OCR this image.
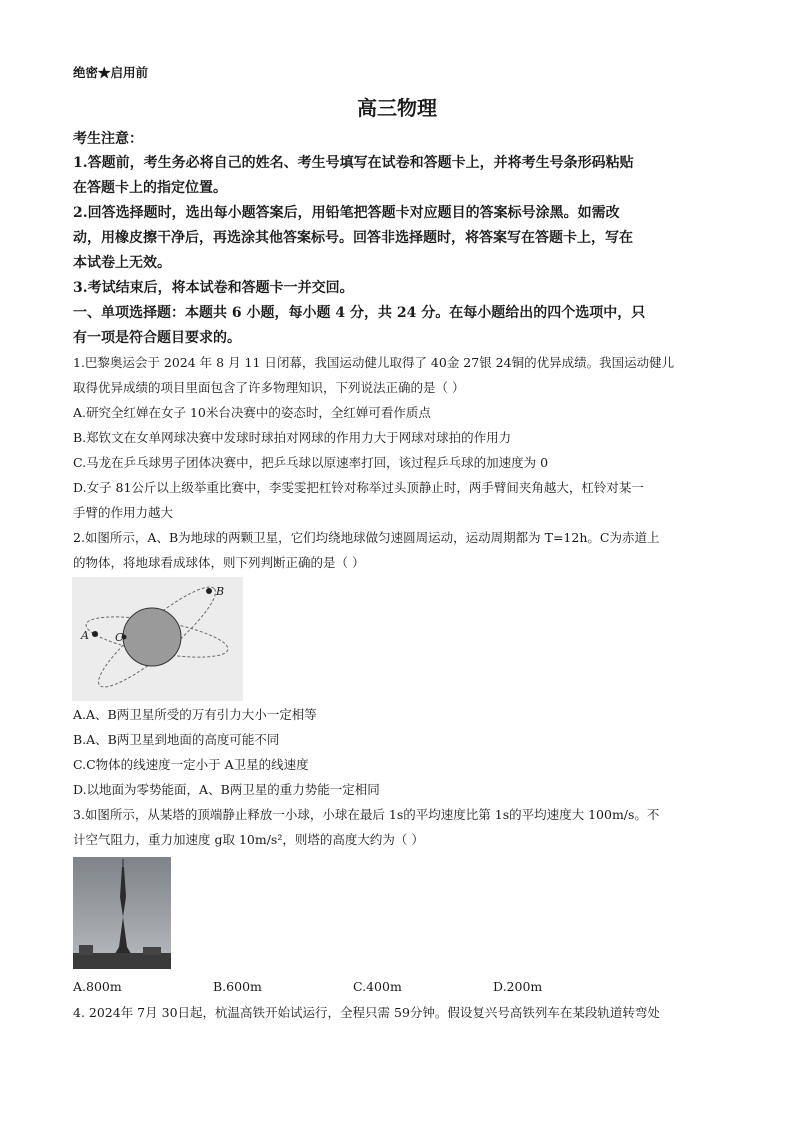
绝密★启用前
高三物理
考生注意：
1.答题前，考生务必将自己的姓名、考生号填写在试卷和答题卡上，并将考生号条形码粘贴
在答题卡上的指定位置。
2.回答选择题时，选出每小题答案后，用铅笔把答题卡对应题目的答案标号涂黑。如需改
动，用橡皮擦干净后，再选涂其他答案标号。回答非选择题时，将答案写在答题卡上，写在
本试卷上无效。
3.考试结束后，将本试卷和答题卡一并交回。
一、单项选择题：本题共 6 小题，每小题 4 分，共 24 分。在每小题给出的四个选项中，只
有一项是符合题目要求的。
1.巴黎奥运会于 2024 年 8 月 11 日闭幕，我国运动健儿取得了 40金 27银 24铜的优异成绩。我国运动健儿
取得优异成绩的项目里面包含了许多物理知识，下列说法正确的是（ ）
A.研究全红婵在女子 10米台决赛中的姿态时，全红婵可看作质点
B.郑钦文在女单网球决赛中发球时球拍对网球的作用力大于网球对球拍的作用力
C.马龙在乒乓球男子团体决赛中，把乒乓球以原速率打回，该过程乒乓球的加速度为 0
D.女子 81公斤以上级举重比赛中，李雯雯把杠铃对称举过头顶静止时，两手臂间夹角越大，杠铃对某一
手臂的作用力越大
2.如图所示，A、B为地球的两颗卫星，它们均绕地球做匀速圆周运动，运动周期都为 T=12h。C为赤道上
的物体，将地球看成球体，则下列判断正确的是（ ）
A
B
C
A.A、B两卫星所受的万有引力大小一定相等
B.A、B两卫星到地面的高度可能不同
C.C物体的线速度一定小于 A卫星的线速度
D.以地面为零势能面，A、B两卫星的重力势能一定相同
3.如图所示，从某塔的顶端静止释放一小球，小球在最后 1s的平均速度比第 1s的平均速度大 100m/s。不
计空气阻力，重力加速度 g取 10m/s²，则塔的高度大约为（ ）
A.800m	B.600m	C.400m	D.200m
4. 2024年 7月 30日起，杭温高铁开始试运行，全程只需 59分钟。假设复兴号高铁列车在某段轨道转弯处
